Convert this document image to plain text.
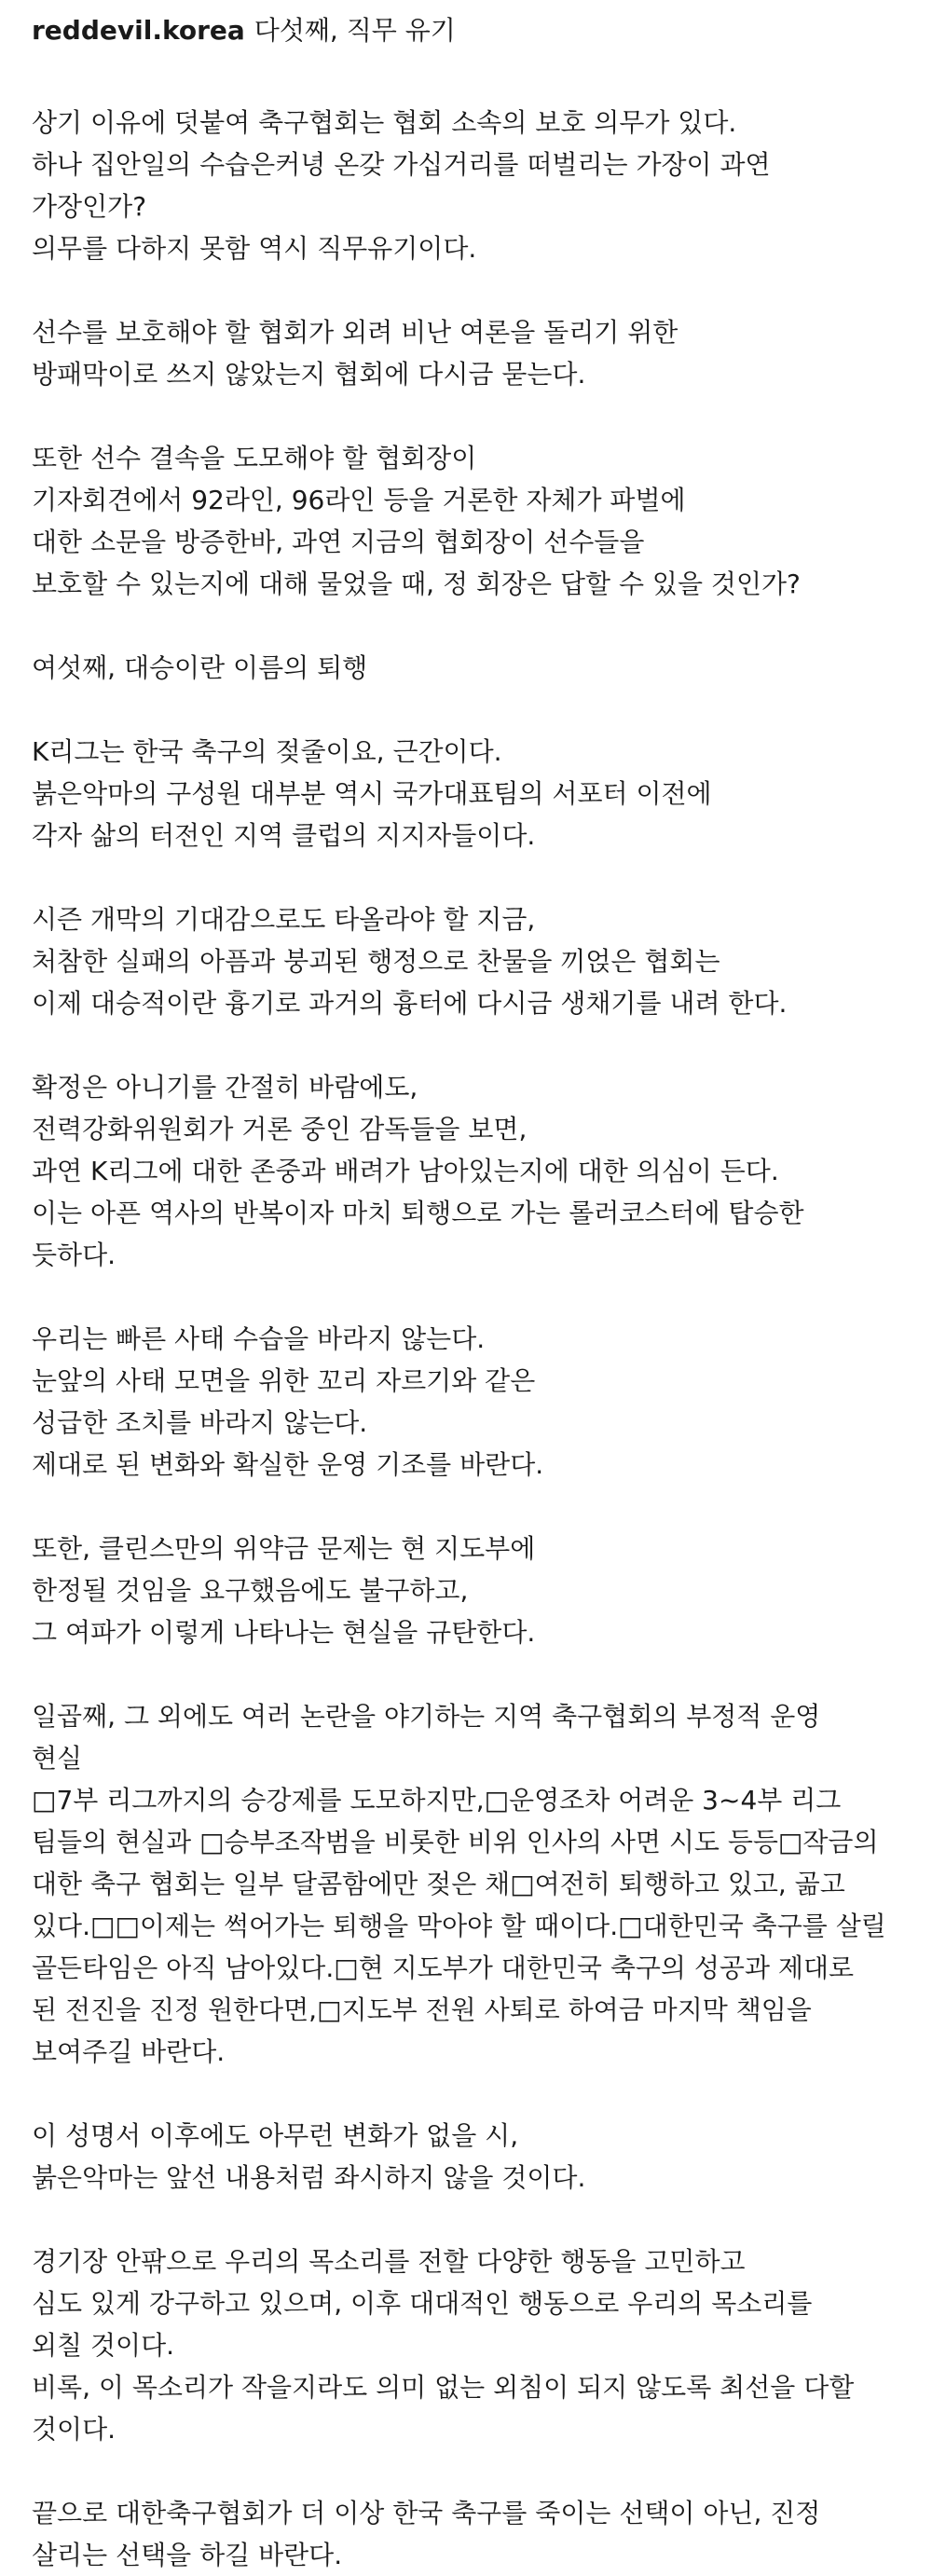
reddevil.korea 다섯째, 직무 유기
상기 이유에 덧붙여 축구협회는 협회 소속의 보호 의무가 있다.
하나 집안일의 수습은커녕 온갖 가십거리를 떠벌리는 가장이 과연
가장인가?
의무를 다하지 못함 역시 직무유기이다.
선수를 보호해야 할 협회가 외려 비난 여론을 돌리기 위한
방패막이로 쓰지 않았는지 협회에 다시금 묻는다.
또한 선수 결속을 도모해야 할 협회장이
기자회견에서 92라인, 96라인 등을 거론한 자체가 파벌에
대한 소문을 방증한바, 과연 지금의 협회장이 선수들을
보호할 수 있는지에 대해 물었을 때, 정 회장은 답할 수 있을 것인가?
여섯째, 대승이란 이름의 퇴행
K리그는 한국 축구의 젖줄이요, 근간이다.
붉은악마의 구성원 대부분 역시 국가대표팀의 서포터 이전에
각자 삶의 터전인 지역 클럽의 지지자들이다.
시즌 개막의 기대감으로도 타올라야 할 지금,
처참한 실패의 아픔과 붕괴된 행정으로 찬물을 끼얹은 협회는
이제 대승적이란 흉기로 과거의 흉터에 다시금 생채기를 내려 한다.
확정은 아니기를 간절히 바람에도,
전력강화위원회가 거론 중인 감독들을 보면,
과연 K리그에 대한 존중과 배려가 남아있는지에 대한 의심이 든다.
이는 아픈 역사의 반복이자 마치 퇴행으로 가는 롤러코스터에 탑승한
듯하다.
우리는 빠른 사태 수습을 바라지 않는다.
눈앞의 사태 모면을 위한 꼬리 자르기와 같은
성급한 조치를 바라지 않는다.
제대로 된 변화와 확실한 운영 기조를 바란다.
또한, 클린스만의 위약금 문제는 현 지도부에
한정될 것임을 요구했음에도 불구하고,
그 여파가 이렇게 나타나는 현실을 규탄한다.
일곱째, 그 외에도 여러 논란을 야기하는 지역 축구협회의 부정적 운영
현실
□7부 리그까지의 승강제를 도모하지만,□운영조차 어려운 3~4부 리그
팀들의 현실과 □승부조작범을 비롯한 비위 인사의 사면 시도 등등□작금의
대한 축구 협회는 일부 달콤함에만 젖은 채□여전히 퇴행하고 있고, 곪고
있다.□□이제는 썩어가는 퇴행을 막아야 할 때이다.□대한민국 축구를 살릴
골든타임은 아직 남아있다.□현 지도부가 대한민국 축구의 성공과 제대로
된 전진을 진정 원한다면,□지도부 전원 사퇴로 하여금 마지막 책임을
보여주길 바란다.
이 성명서 이후에도 아무런 변화가 없을 시,
붉은악마는 앞선 내용처럼 좌시하지 않을 것이다.
경기장 안팎으로 우리의 목소리를 전할 다양한 행동을 고민하고
심도 있게 강구하고 있으며, 이후 대대적인 행동으로 우리의 목소리를
외칠 것이다.
비록, 이 목소리가 작을지라도 의미 없는 외침이 되지 않도록 최선을 다할
것이다.
끝으로 대한축구협회가 더 이상 한국 축구를 죽이는 선택이 아닌, 진정
살리는 선택을 하길 바란다.
